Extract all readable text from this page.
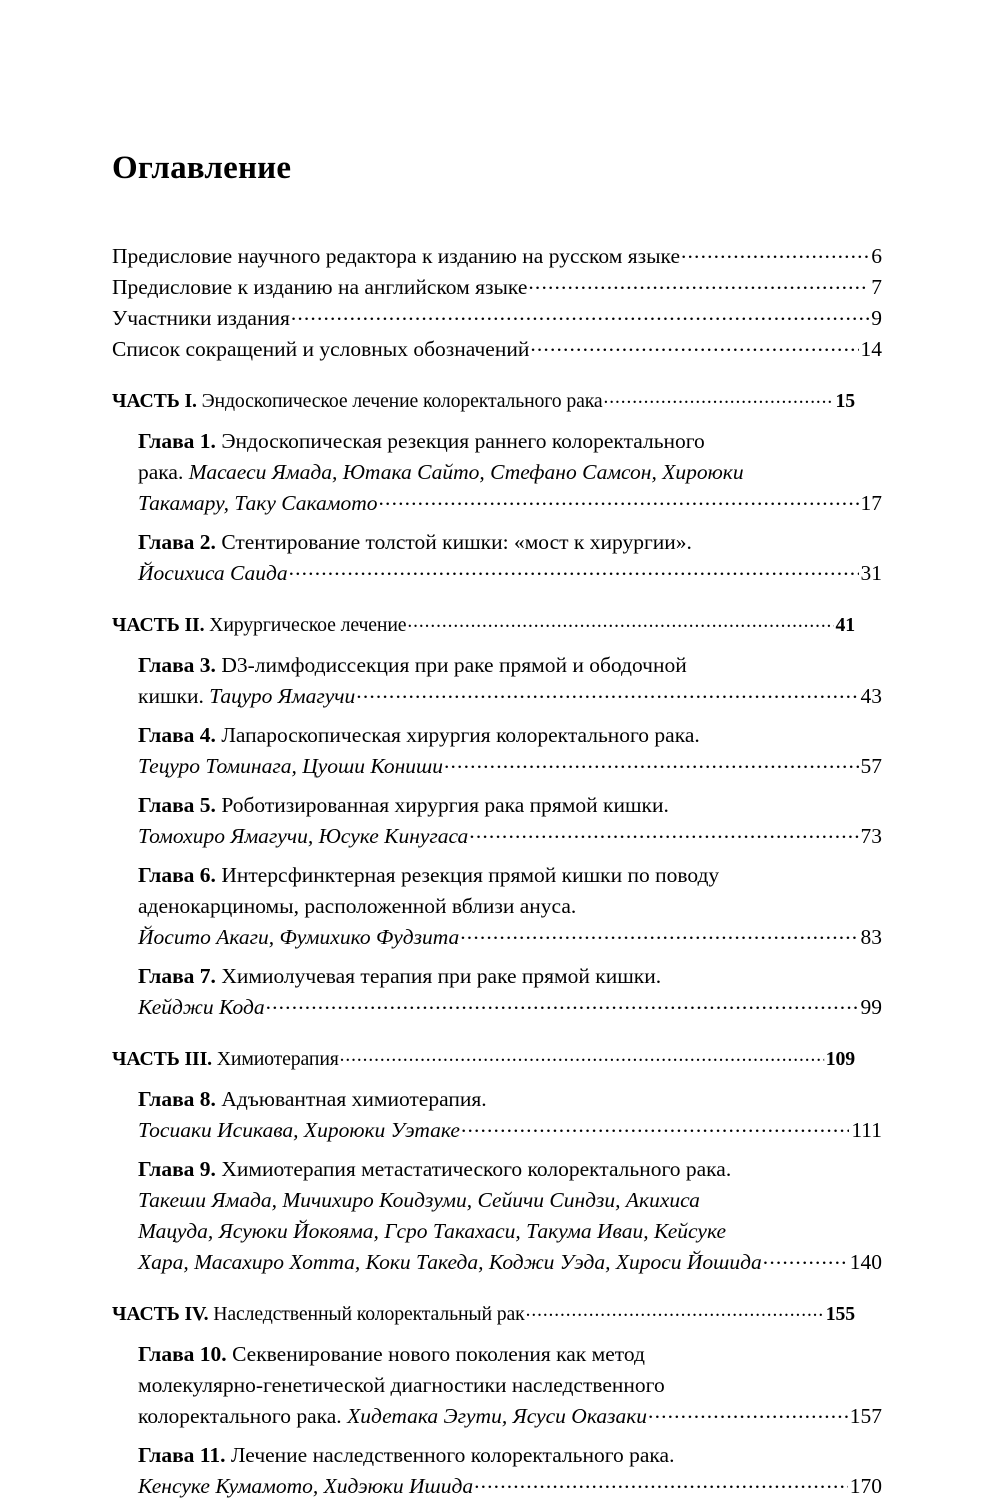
Оглавление
Предисловие научного редактора к изданию на русском языке .....	6
Предисловие к изданию на английском языке .....	7
Участники издания .....	9
Список сокращений и условных обозначений .....	14
ЧАСТЬ I. Эндоскопическое лечение колоректального рака .....	15
Глава 1. Эндоскопическая резекция раннего колоректального
рака. Масаеси Ямада, Ютака Сайто, Стефано Самсон, Хироюки
Такамару, Таку Сакамото .....	17
Глава 2. Стентирование толстой кишки: «мост к хирургии».
Йосихиса Саида .....	31
ЧАСТЬ II. Хирургическое лечение .....	41
Глава 3. D3-лимфодиссекция при раке прямой и ободочной
кишки. Тацуро Ямагучи .....	43
Глава 4. Лапароскопическая хирургия колоректального рака.
Тецуро Томинага, Цуоши Кониши .....	57
Глава 5. Роботизированная хирургия рака прямой кишки.
Томохиро Ямагучи, Юсуке Кинугаса .....	73
Глава 6. Интерсфинктерная резекция прямой кишки по поводу
аденокарциномы, расположенной вблизи ануса.
Йосито Акаги, Фумихико Фудзита .....	83
Глава 7. Химиолучевая терапия при раке прямой кишки.
Кейджи Кода .....	99
ЧАСТЬ III. Химиотерапия .....	109
Глава 8. Адъювантная химиотерапия.
Тосиаки Исикава, Хироюки Уэтаке .....	111
Глава 9. Химиотерапия метастатического колоректального рака.
Такеши Ямада, Мичихиро Коидзуми, Сейичи Синдзи, Акихиса
Мацуда, Ясуюки Йокояма, Гсро Такахаси, Такума Иваи, Кейсуке
Хара, Масахиро Хотта, Коки Такеда, Коджи Уэда, Хироси Йошида .....	140
ЧАСТЬ IV. Наследственный колоректальный рак .....	155
Глава 10. Секвенирование нового поколения как метод
молекулярно-генетической диагностики наследственного
колоректального рака. Хидетака Эгути, Ясуси Оказаки .....	157
Глава 11. Лечение наследственного колоректального рака.
Кенсуке Кумамото, Хидэюки Ишида .....	170
